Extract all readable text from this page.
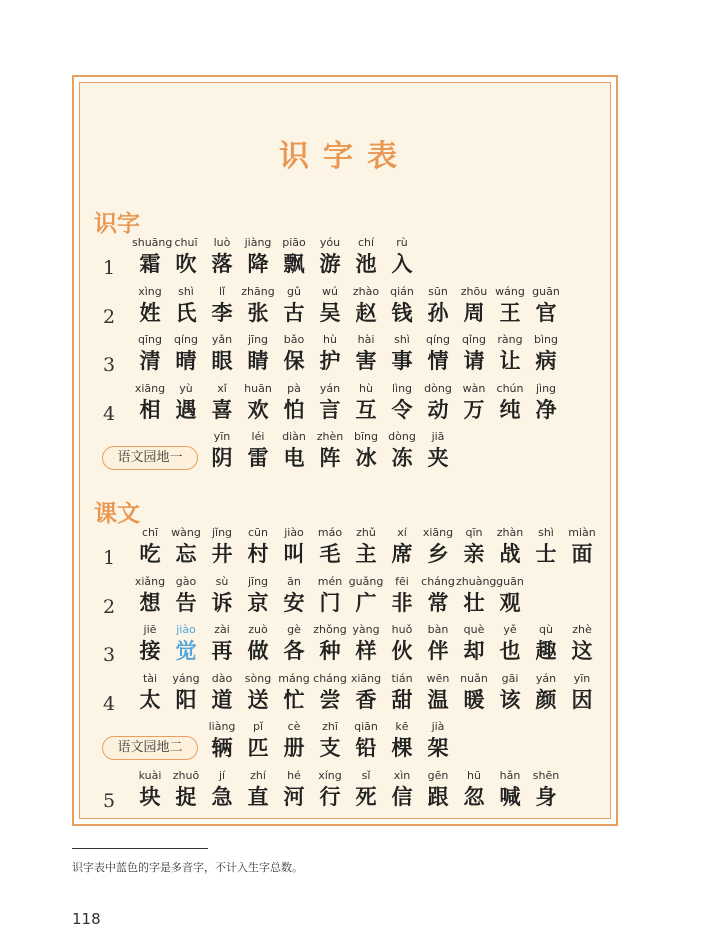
识字表
识字
1
shuāng
霜
chuī
吹
luò
落
jiàng
降
piāo
飘
yóu
游
chí
池
rù
入
2
xìng
姓
shì
氏
lǐ
李
zhāng
张
gǔ
古
wú
吴
zhào
赵
qián
钱
sūn
孙
zhōu
周
wáng
王
guān
官
3
qīng
清
qíng
晴
yǎn
眼
jīng
睛
bǎo
保
hù
护
hài
害
shì
事
qíng
情
qǐng
请
ràng
让
bìng
病
4
xiāng
相
yù
遇
xǐ
喜
huān
欢
pà
怕
yán
言
hù
互
lìng
令
dòng
动
wàn
万
chún
纯
jìng
净
语文园地一
yīn
阴
léi
雷
diàn
电
zhèn
阵
bīng
冰
dòng
冻
jiā
夹
课文
1
chī
吃
wàng
忘
jǐng
井
cūn
村
jiào
叫
máo
毛
zhǔ
主
xí
席
xiāng
乡
qīn
亲
zhàn
战
shì
士
miàn
面
2
xiǎng
想
gào
告
sù
诉
jīng
京
ān
安
mén
门
guǎng
广
fēi
非
cháng
常
zhuàng
壮
guān
观
3
jiē
接
jiào
觉
zài
再
zuò
做
gè
各
zhǒng
种
yàng
样
huǒ
伙
bàn
伴
què
却
yě
也
qù
趣
zhè
这
4
tài
太
yáng
阳
dào
道
sòng
送
máng
忙
cháng
尝
xiāng
香
tián
甜
wēn
温
nuǎn
暖
gāi
该
yán
颜
yīn
因
语文园地二
liàng
辆
pǐ
匹
cè
册
zhī
支
qiān
铅
kē
棵
jià
架
5
kuài
块
zhuō
捉
jí
急
zhí
直
hé
河
xíng
行
sǐ
死
xìn
信
gēn
跟
hū
忽
hǎn
喊
shēn
身
识字表中蓝色的字是多音字，不计入生字总数。
118
